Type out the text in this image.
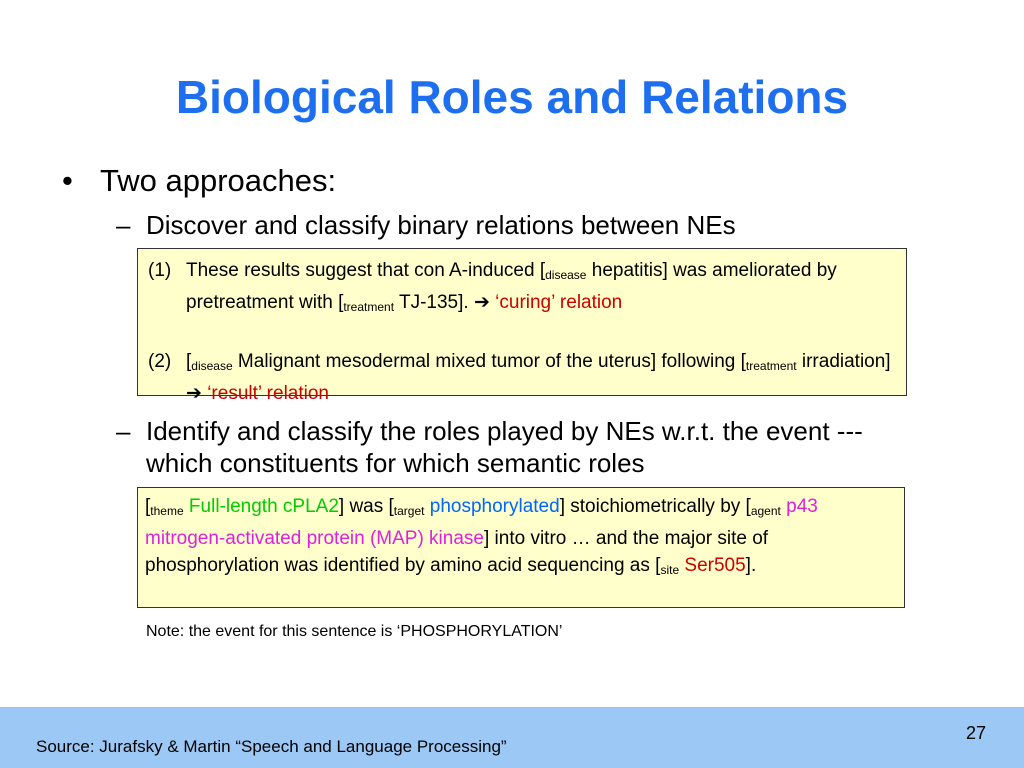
Biological Roles and Relations
• Two approaches:
– Discover and classify binary relations between NEs
(1) These results suggest that con A-induced [$_{disease}$ hepatitis] was ameliorated by pretreatment with [$_{treatment}$ TJ-135]. ➔ ‘curing’ relation
(2) [$_{disease}$ Malignant mesodermal mixed tumor of the uterus] following [$_{treatment}$ irradiation] ➔ ‘result’ relation
– Identify and classify the roles played by NEs w.r.t. the event ---
which constituents for which semantic roles
[$_{theme}$ Full-length cPLA2] was [$_{target}$ phosphorylated] stoichiometrically by [$_{agent}$ p43 mitrogen-activated protein (MAP) kinase] into vitro … and the major site of phosphorylation was identified by amino acid sequencing as [$_{site}$ Ser505].
Note: the event for this sentence is ‘PHOSPHORYLATION’
Source: Jurafsky & Martin “Speech and Language Processing”
27
